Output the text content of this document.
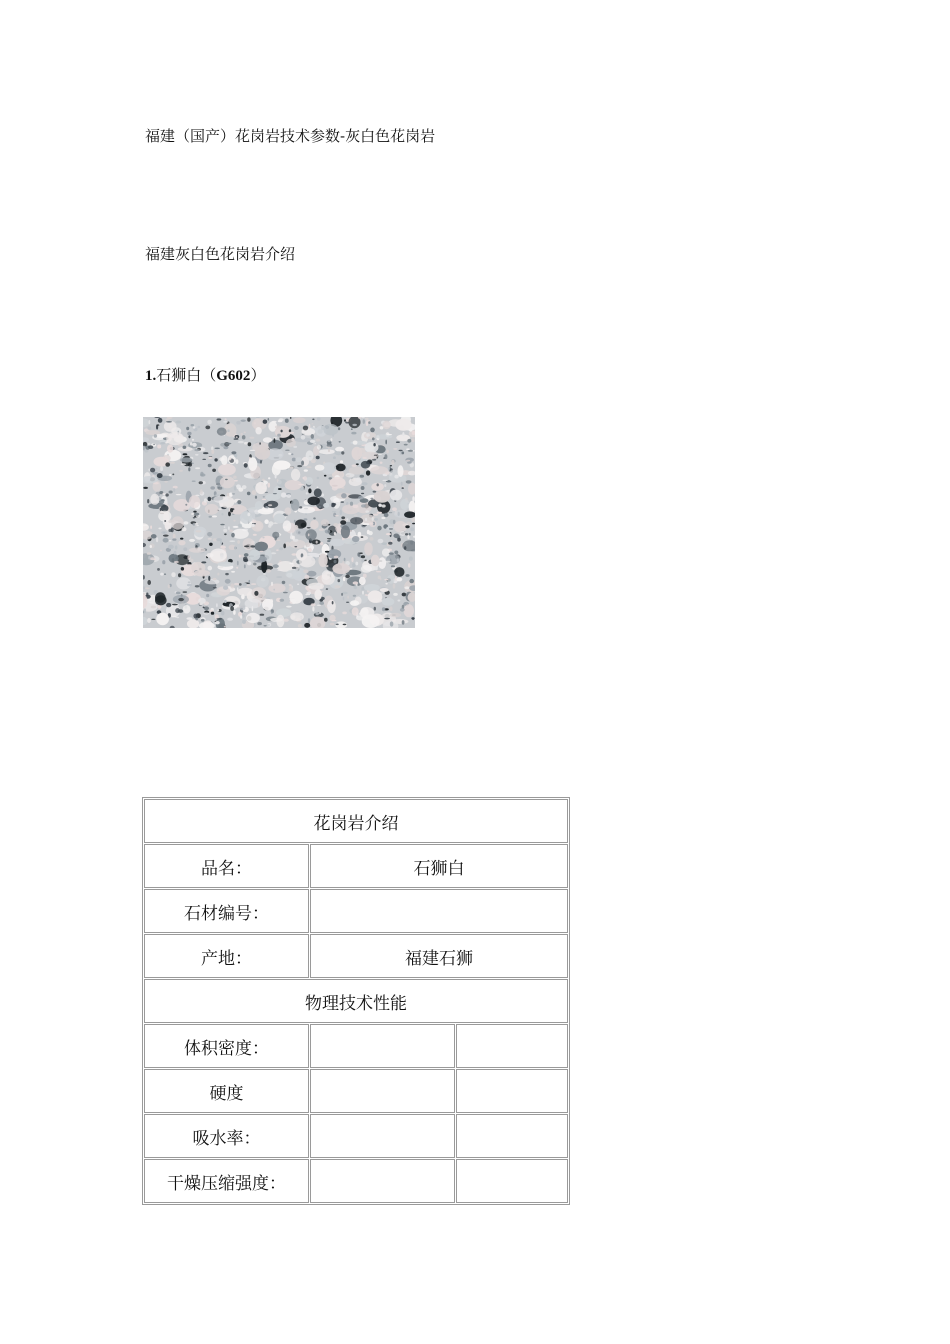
福建（国产）花岗岩技术参数-灰白色花岗岩
福建灰白色花岗岩介绍
1.石狮白（G602）
花岗岩介绍		
品名：	石狮白	
石材编号：		
产地：	福建石狮	
物理技术性能		
体积密度：		
硬度		
吸水率：		
干燥压缩强度：		
